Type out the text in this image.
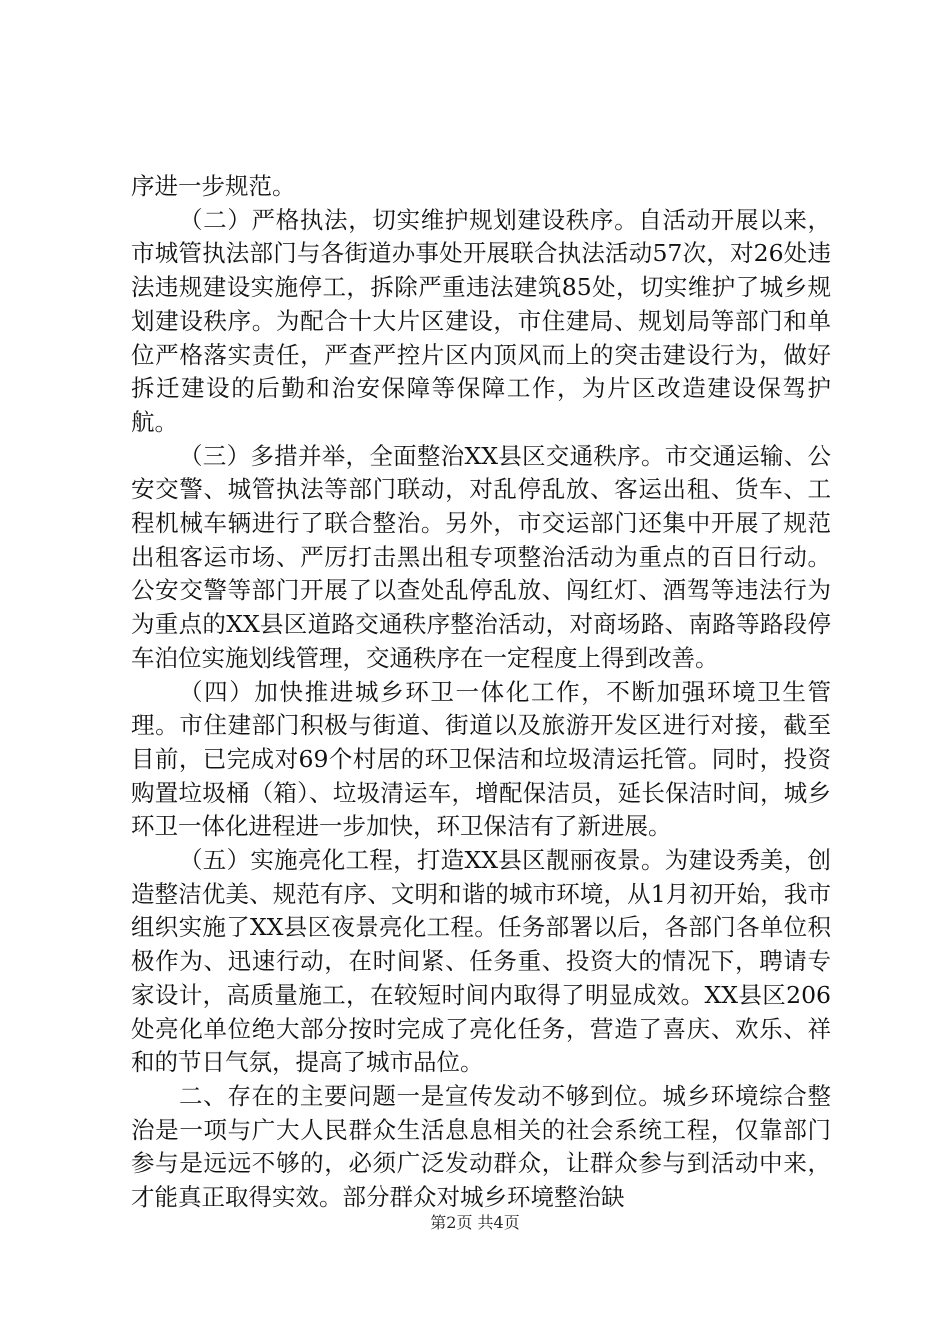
序进一步规范。

（二）严格执法，切实维护规划建设秩序。自活动开展以来，市城管执法部门与各街道办事处开展联合执法活动57次，对26处违法违规建设实施停工，拆除严重违法建筑85处，切实维护了城乡规划建设秩序。为配合十大片区建设，市住建局、规划局等部门和单位严格落实责任，严查严控片区内顶风而上的突击建设行为，做好拆迁建设的后勤和治安保障等保障工作，为片区改造建设保驾护航。

（三）多措并举，全面整治XX县区交通秩序。市交通运输、公安交警、城管执法等部门联动，对乱停乱放、客运出租、货车、工程机械车辆进行了联合整治。另外，市交运部门还集中开展了规范出租客运市场、严厉打击黑出租专项整治活动为重点的百日行动。公安交警等部门开展了以查处乱停乱放、闯红灯、酒驾等违法行为为重点的XX县区道路交通秩序整治活动，对商场路、南路等路段停车泊位实施划线管理，交通秩序在一定程度上得到改善。

（四）加快推进城乡环卫一体化工作，不断加强环境卫生管理。市住建部门积极与街道、街道以及旅游开发区进行对接，截至目前，已完成对69个村居的环卫保洁和垃圾清运托管。同时，投资购置垃圾桶（箱）、垃圾清运车，增配保洁员，延长保洁时间，城乡环卫一体化进程进一步加快，环卫保洁有了新进展。

（五）实施亮化工程，打造XX县区靓丽夜景。为建设秀美，创造整洁优美、规范有序、文明和谐的城市环境，从1月初开始，我市组织实施了XX县区夜景亮化工程。任务部署以后，各部门各单位积极作为、迅速行动，在时间紧、任务重、投资大的情况下，聘请专家设计，高质量施工，在较短时间内取得了明显成效。XX县区206处亮化单位绝大部分按时完成了亮化任务，营造了喜庆、欢乐、祥和的节日气氛，提高了城市品位。

二、存在的主要问题一是宣传发动不够到位。城乡环境综合整治是一项与广大人民群众生活息息相关的社会系统工程，仅靠部门参与是远远不够的，必须广泛发动群众，让群众参与到活动中来，才能真正取得实效。部分群众对城乡环境整治缺

第2页 共4页
